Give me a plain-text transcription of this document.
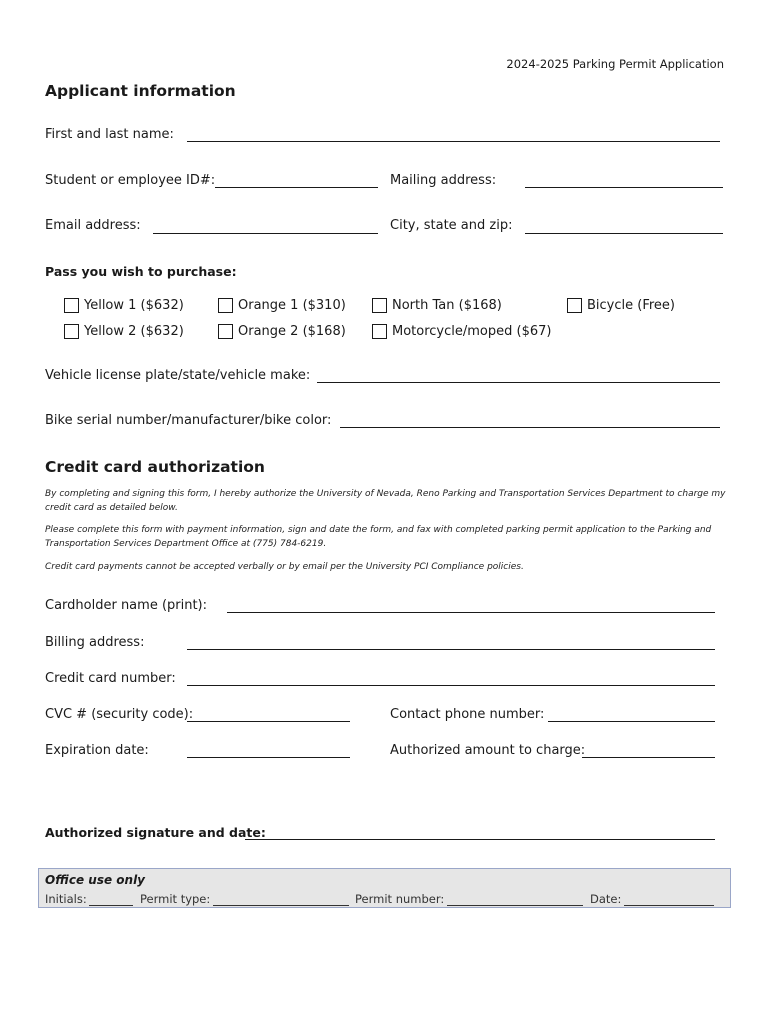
2024-2025 Parking Permit Application
Applicant information
First and last name:
Student or employee ID#:	Mailing address:
Email address:	City, state and zip:
Pass you wish to purchase:
Yellow 1 ($632)	Orange 1 ($310)	North Tan ($168)	Bicycle (Free)
Yellow 2 ($632)	Orange 2 ($168)	Motorcycle/moped ($67)
Vehicle license plate/state/vehicle make:
Bike serial number/manufacturer/bike color:
Credit card authorization
By completing and signing this form, I hereby authorize the University of Nevada, Reno Parking and Transportation Services Department to charge my credit card as detailed below.
Please complete this form with payment information, sign and date the form, and fax with completed parking permit application to the Parking and Transportation Services Department Office at (775) 784-6219.
Credit card payments cannot be accepted verbally or by email per the University PCI Compliance policies.
Cardholder name (print):
Billing address:
Credit card number:
CVC # (security code):	Contact phone number:
Expiration date:	Authorized amount to charge:
Authorized signature and date:
Office use only
Initials:	Permit type:	Permit number:	Date:
